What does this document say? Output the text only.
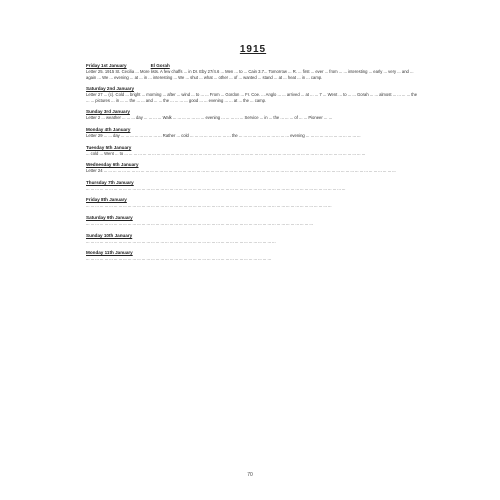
1915
Friday 1st January	El Gorah
Letter 25. 1915 St. Cecilia ... More lists. A few chaffs ... in Dr. Eby 27/4.6 ... Men ... to ... Cain 3.7... Tomorrow ... R. ... first ... ever ... from ... ... interesting ... early ... very ... and ... again ... We ... evening ... at ... in ... interesting ... We ... shut ... what ... other ... of ... wanted ... stand ... at ... heat ... in ... camp.
Saturday 2nd January
Letter 27 ... (c). Cold ... bright ... morning ... after ... wind ... to ... ... From ... Gordon ... Fr. Coe. ... Anglo ... ... arrived ... at ... ... 7 ... Went ... to ... ... Gorah ... ... almost ... ... ... ... the ... ... pictures ... in ... ... the ... ... and ... ... the ... ... ... ... good ... ... evening ... ... at ... the ... camp.
Sunday 3rd January
Letter 2 ... weather ... ... ... day ... ... ... ... Walk ... ... ... ... ... ... ... evening ... ... ... ... ... Service ... in ... the ... ... ... of ... ... Pioneer ... ...
Monday 4th January
Letter 29 ... ... day ... ... ... ... ... ... ... ... ... Rather ... cold ... ... ... ... ... ... ... ... ... the ... ... ... ... ... ... ... ... ... ... ... evening ... ... ... ... ... ... ... ... ... ... ... ...
Tuesday 5th January
... cold ... Went ... to ... ... ... ... ... ... ... ... ... ... ... ... ... ... ... ... ... ... ... ... ... ... ... ... ... ... ... ... ... ... ... ... ... ... ... ... ... ... ... ... ... ... ... ... ... ... ... ... ... ... ... ...
Wednesday 6th January
Letter 24 ... ... ... ... ... ... ... ... ... ... ... ... ... ... ... ... ... ... ... ... ... ... ... ... ... ... ... ... ... ... ... ... ... ... ... ... ... ... ... ... ... ... ... ... ... ... ... ... ... ... ... ... ... ... ... ... ... ... ... ... ... ... ...
Thursday 7th January
... ... ... ... ... ... ... ... ... ... ... ... ... ... ... ... ... ... ... ... ... ... ... ... ... ... ... ... ... ... ... ... ... ... ... ... ... ... ... ... ... ... ... ... ... ... ... ... ... ... ... ... ... ... ... ...
Friday 8th January
... ... ... ... ... ... ... ... ... ... ... ... ... ... ... ... ... ... ... ... ... ... ... ... ... ... ... ... ... ... ... ... ... ... ... ... ... ... ... ... ... ... ... ... ... ... ... ... ... ... ... ... ...
Saturday 9th January
... ... ... ... ... ... ... ... ... ... ... ... ... ... ... ... ... ... ... ... ... ... ... ... ... ... ... ... ... ... ... ... ... ... ... ... ... ... ... ... ... ... ... ... ... ... ... ... ...
Sunday 10th January
... ... ... ... ... ... ... ... ... ... ... ... ... ... ... ... ... ... ... ... ... ... ... ... ... ... ... ... ... ... ... ... ... ... ... ... ... ... ... ... ...
Monday 11th January
... ... ... ... ... ... ... ... ... ... ... ... ... ... ... ... ... ... ... ... ... ... ... ... ... ... ... ... ... ... ... ... ... ... ... ... ... ... ... ...
70
